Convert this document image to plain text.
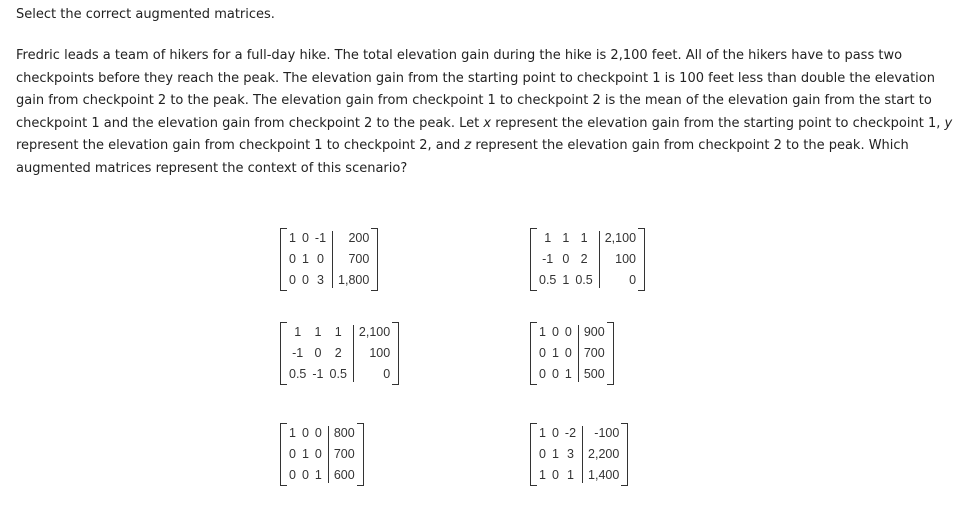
Select the correct augmented matrices.

Fredric leads a team of hikers for a full-day hike. The total elevation gain during the hike is 2,100 feet. All of the hikers have to pass two checkpoints before they reach the peak. The elevation gain from the starting point to checkpoint 1 is 100 feet less than double the elevation gain from checkpoint 2 to the peak. The elevation gain from checkpoint 1 to checkpoint 2 is the mean of the elevation gain from the start to checkpoint 1 and the elevation gain from checkpoint 2 to the peak. Let x represent the elevation gain from the starting point to checkpoint 1, y represent the elevation gain from checkpoint 1 to checkpoint 2, and z represent the elevation gain from checkpoint 2 to the peak. Which augmented matrices represent the context of this scenario?

1
0
0
0
1
0
-1
0
3
200
700
1,800
1
-1
0.5
1
0
1
1
2
0.5
2,100
100
0
1
-1
0.5
1
0
-1
1
2
0.5
2,100
100
0
1
0
0
0
1
0
0
0
1
900
700
500
1
0
0
0
1
0
0
0
1
800
700
600
1
0
1
0
1
0
-2
3
1
-100
2,200
1,400
